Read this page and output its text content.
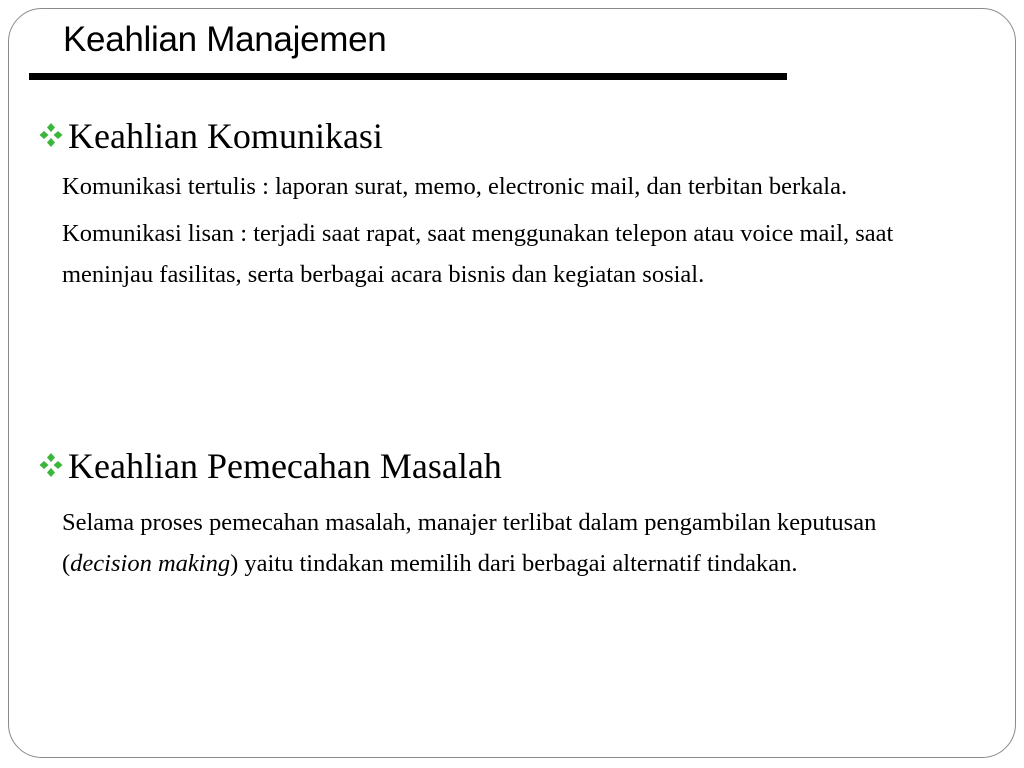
Keahlian Manajemen
Keahlian Komunikasi

Komunikasi tertulis : laporan surat, memo, electronic mail, dan terbitan berkala.

Komunikasi lisan : terjadi saat rapat, saat menggunakan telepon atau voice mail, saat meninjau fasilitas, serta berbagai acara bisnis dan kegiatan sosial.

Keahlian Pemecahan Masalah

Selama proses pemecahan masalah, manajer terlibat dalam pengambilan keputusan (decision making) yaitu tindakan memilih dari berbagai alternatif tindakan.
